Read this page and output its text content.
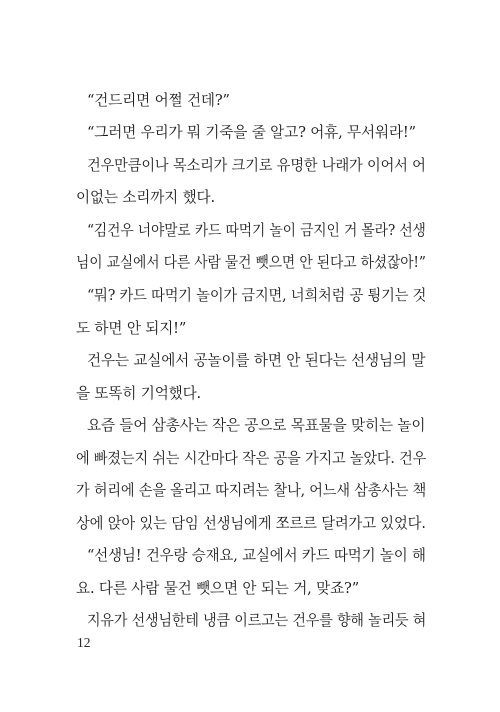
“건드리면 어쩔 건데?”
“그러면 우리가 뭐 기죽을 줄 알고? 어휴, 무서워라!”
건우만큼이나 목소리가 크기로 유명한 나래가 이어서 어
이없는 소리까지 했다.
“김건우 너야말로 카드 따먹기 놀이 금지인 거 몰라? 선생
님이 교실에서 다른 사람 물건 뺏으면 안 된다고 하셨잖아!”
“뭐? 카드 따먹기 놀이가 금지면, 너희처럼 공 튕기는 것
도 하면 안 되지!”
건우는 교실에서 공놀이를 하면 안 된다는 선생님의 말
을 또똑히 기억했다.
요즘 들어 삼총사는 작은 공으로 목표물을 맞히는 놀이
에 빠졌는지 쉬는 시간마다 작은 공을 가지고 놀았다. 건우
가 허리에 손을 올리고 따지려는 찰나, 어느새 삼총사는 책
상에 앉아 있는 담임 선생님에게 쪼르르 달려가고 있었다.
“선생님! 건우랑 승재요, 교실에서 카드 따먹기 놀이 해
요. 다른 사람 물건 뺏으면 안 되는 거, 맞죠?”
지유가 선생님한테 냉큼 이르고는 건우를 향해 놀리듯 혀
12
